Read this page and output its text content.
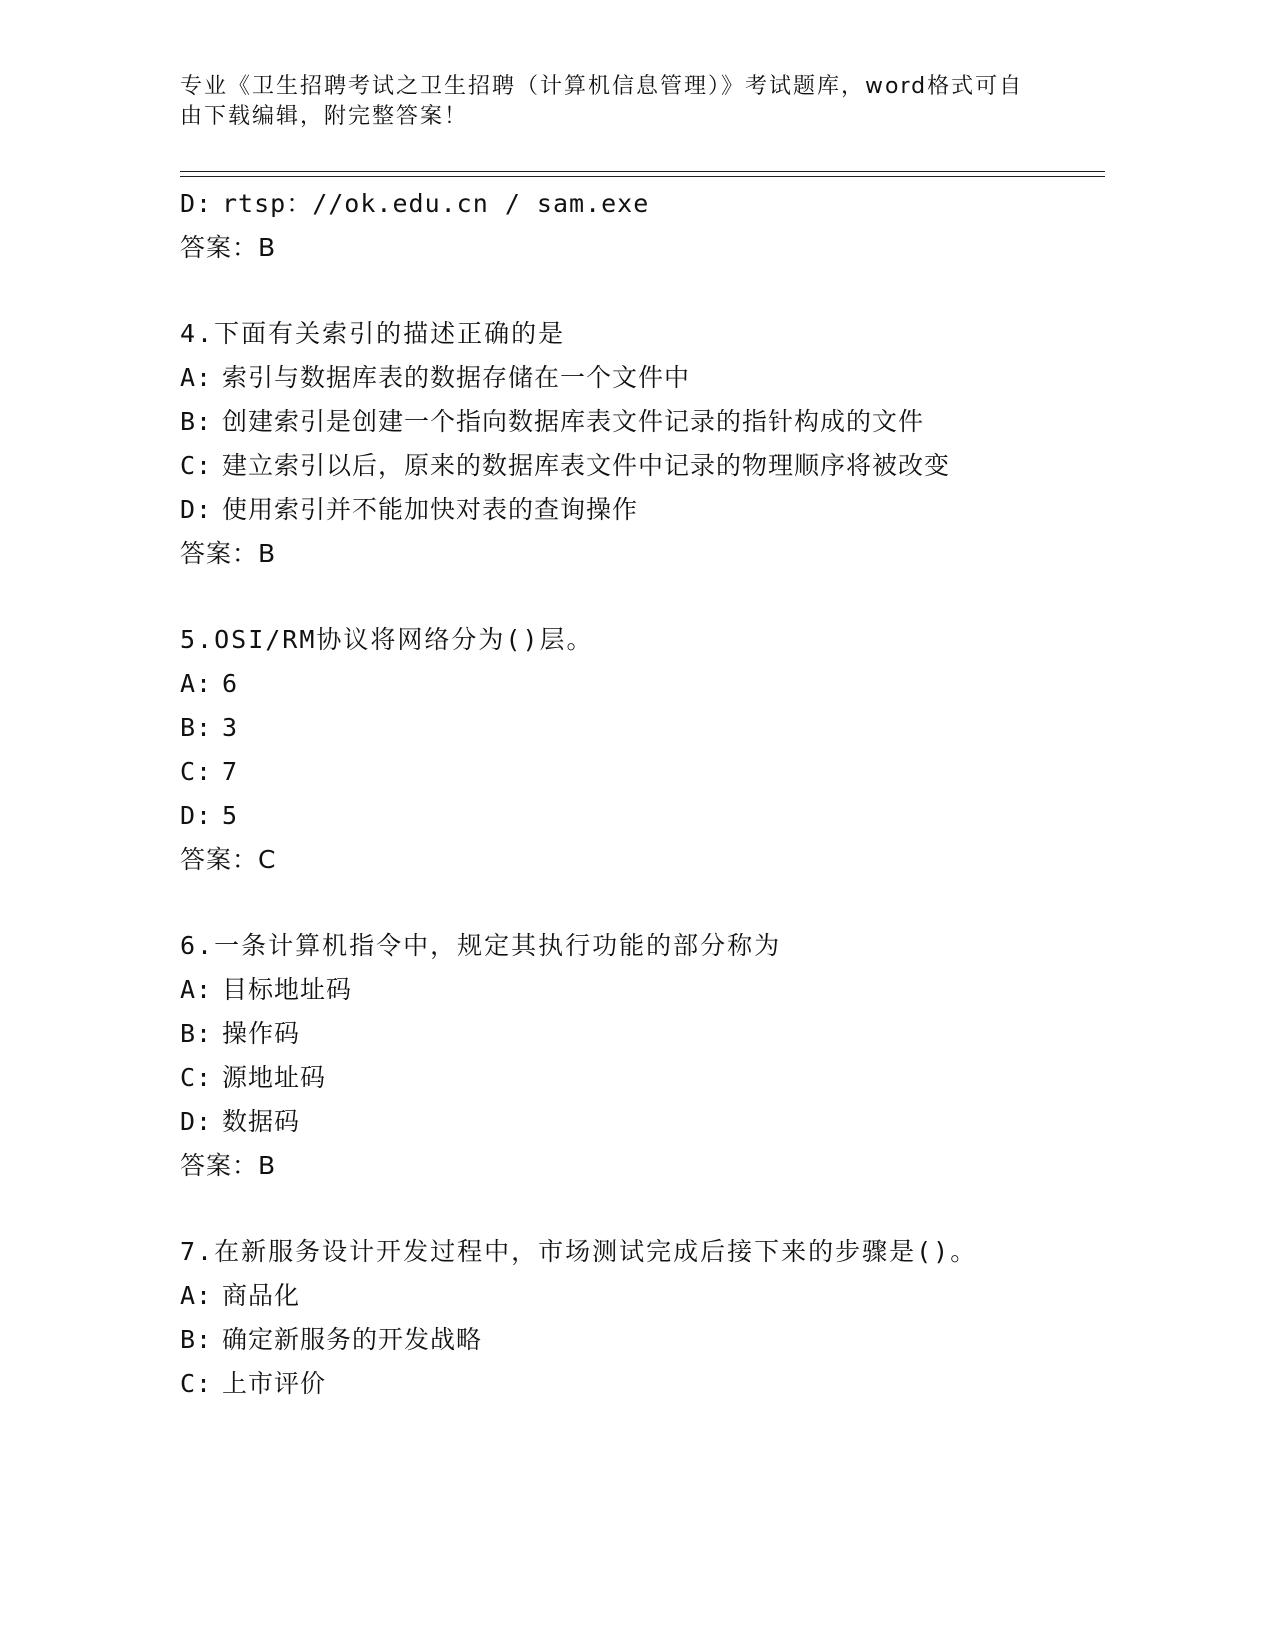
专业《卫生招聘考试之卫生招聘（计算机信息管理）》考试题库，word格式可自
由下载编辑，附完整答案！
D: rtsp：//ok.edu.cn / sam.exe
答案：B
4.下面有关索引的描述正确的是
A: 索引与数据库表的数据存储在一个文件中
B: 创建索引是创建一个指向数据库表文件记录的指针构成的文件
C: 建立索引以后，原来的数据库表文件中记录的物理顺序将被改变
D: 使用索引并不能加快对表的查询操作
答案：B
5.OSI/RM协议将网络分为()层。
A: 6
B: 3
C: 7
D: 5
答案：C
6.一条计算机指令中，规定其执行功能的部分称为
A: 目标地址码
B: 操作码
C: 源地址码
D: 数据码
答案：B
7.在新服务设计开发过程中，市场测试完成后接下来的步骤是()。
A: 商品化
B: 确定新服务的开发战略
C: 上市评价
